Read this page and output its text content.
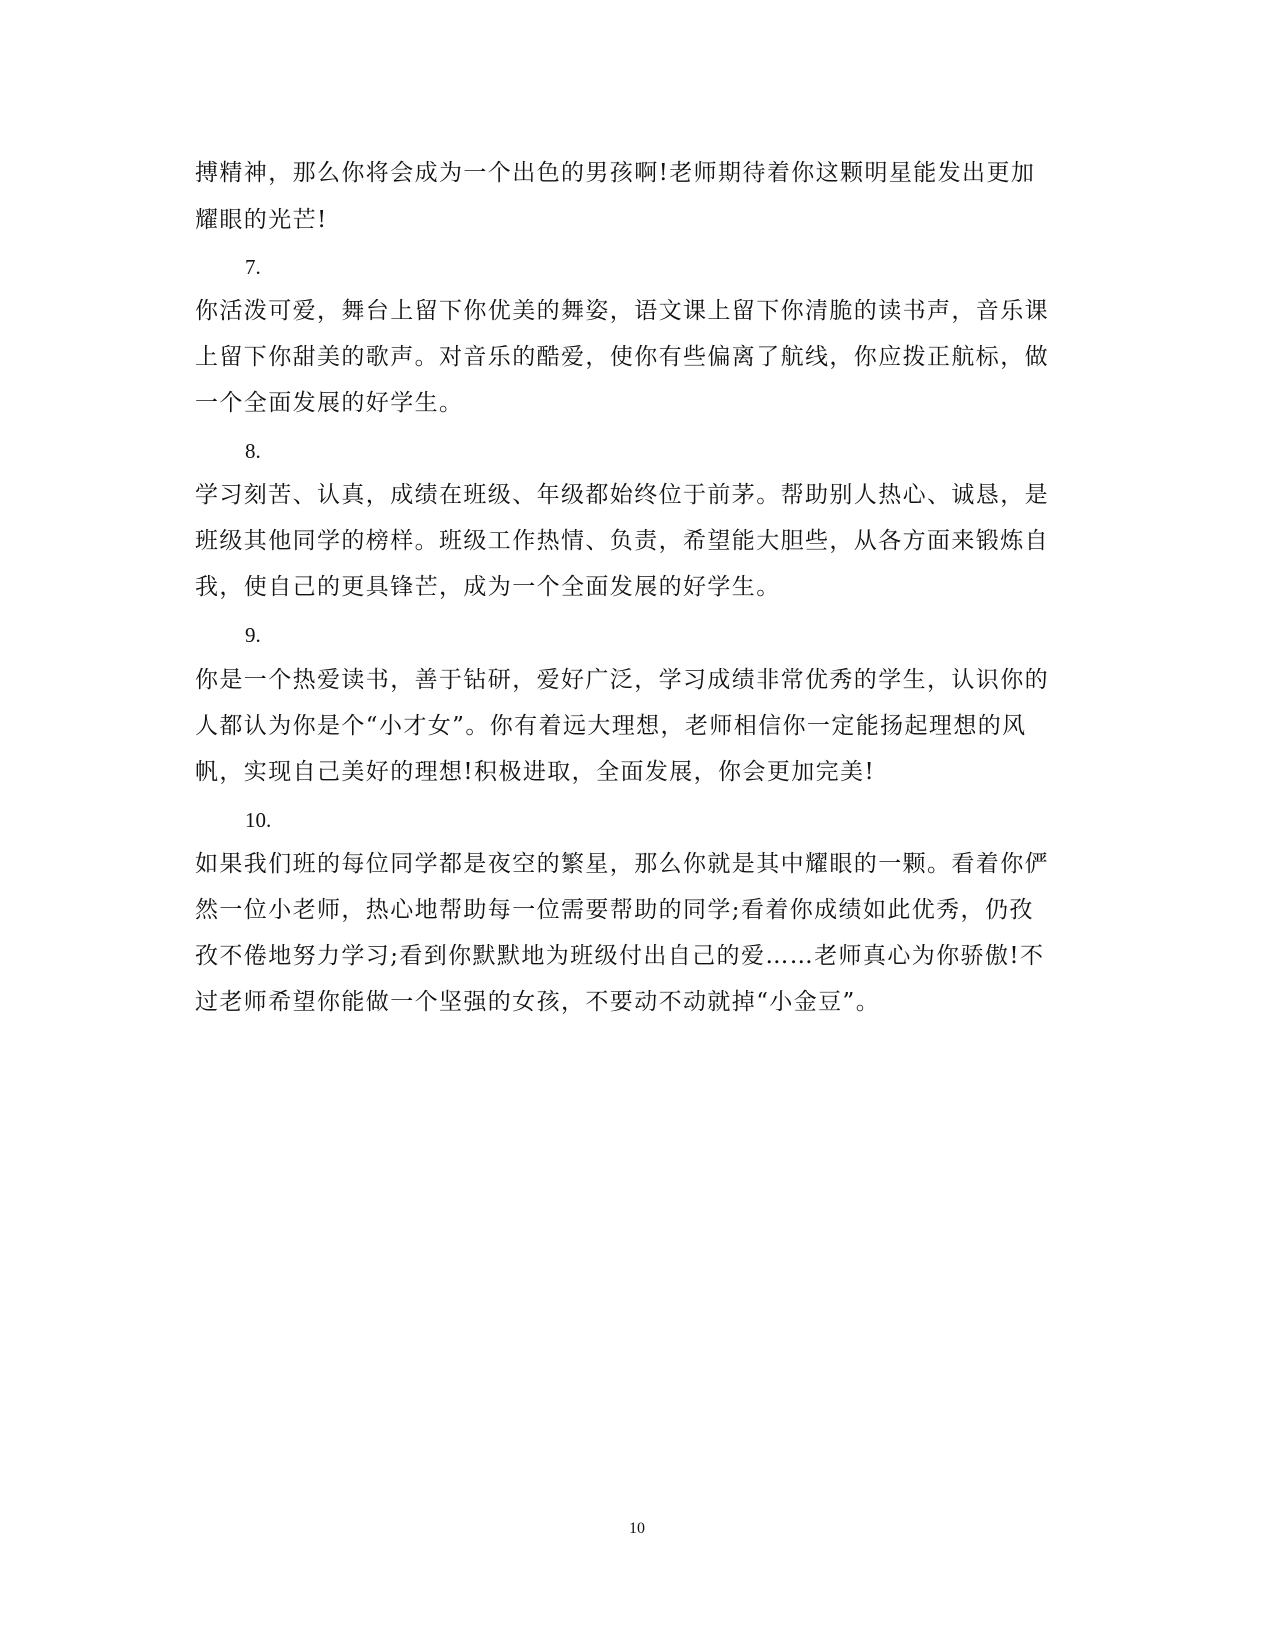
搏精神，那么你将会成为一个出色的男孩啊!老师期待着你这颗明星能发出更加
耀眼的光芒!
7.
你活泼可爱，舞台上留下你优美的舞姿，语文课上留下你清脆的读书声，音乐课
上留下你甜美的歌声。对音乐的酷爱，使你有些偏离了航线，你应拨正航标，做
一个全面发展的好学生。
8.
学习刻苦、认真，成绩在班级、年级都始终位于前茅。帮助别人热心、诚恳，是
班级其他同学的榜样。班级工作热情、负责，希望能大胆些，从各方面来锻炼自
我，使自己的更具锋芒，成为一个全面发展的好学生。
9.
你是一个热爱读书，善于钻研，爱好广泛，学习成绩非常优秀的学生，认识你的
人都认为你是个“小才女”。你有着远大理想，老师相信你一定能扬起理想的风
帆，实现自己美好的理想!积极进取，全面发展，你会更加完美!
10.
如果我们班的每位同学都是夜空的繁星，那么你就是其中耀眼的一颗。看着你俨
然一位小老师，热心地帮助每一位需要帮助的同学;看着你成绩如此优秀，仍孜
孜不倦地努力学习;看到你默默地为班级付出自己的爱……老师真心为你骄傲!不
过老师希望你能做一个坚强的女孩，不要动不动就掉“小金豆”。
10
